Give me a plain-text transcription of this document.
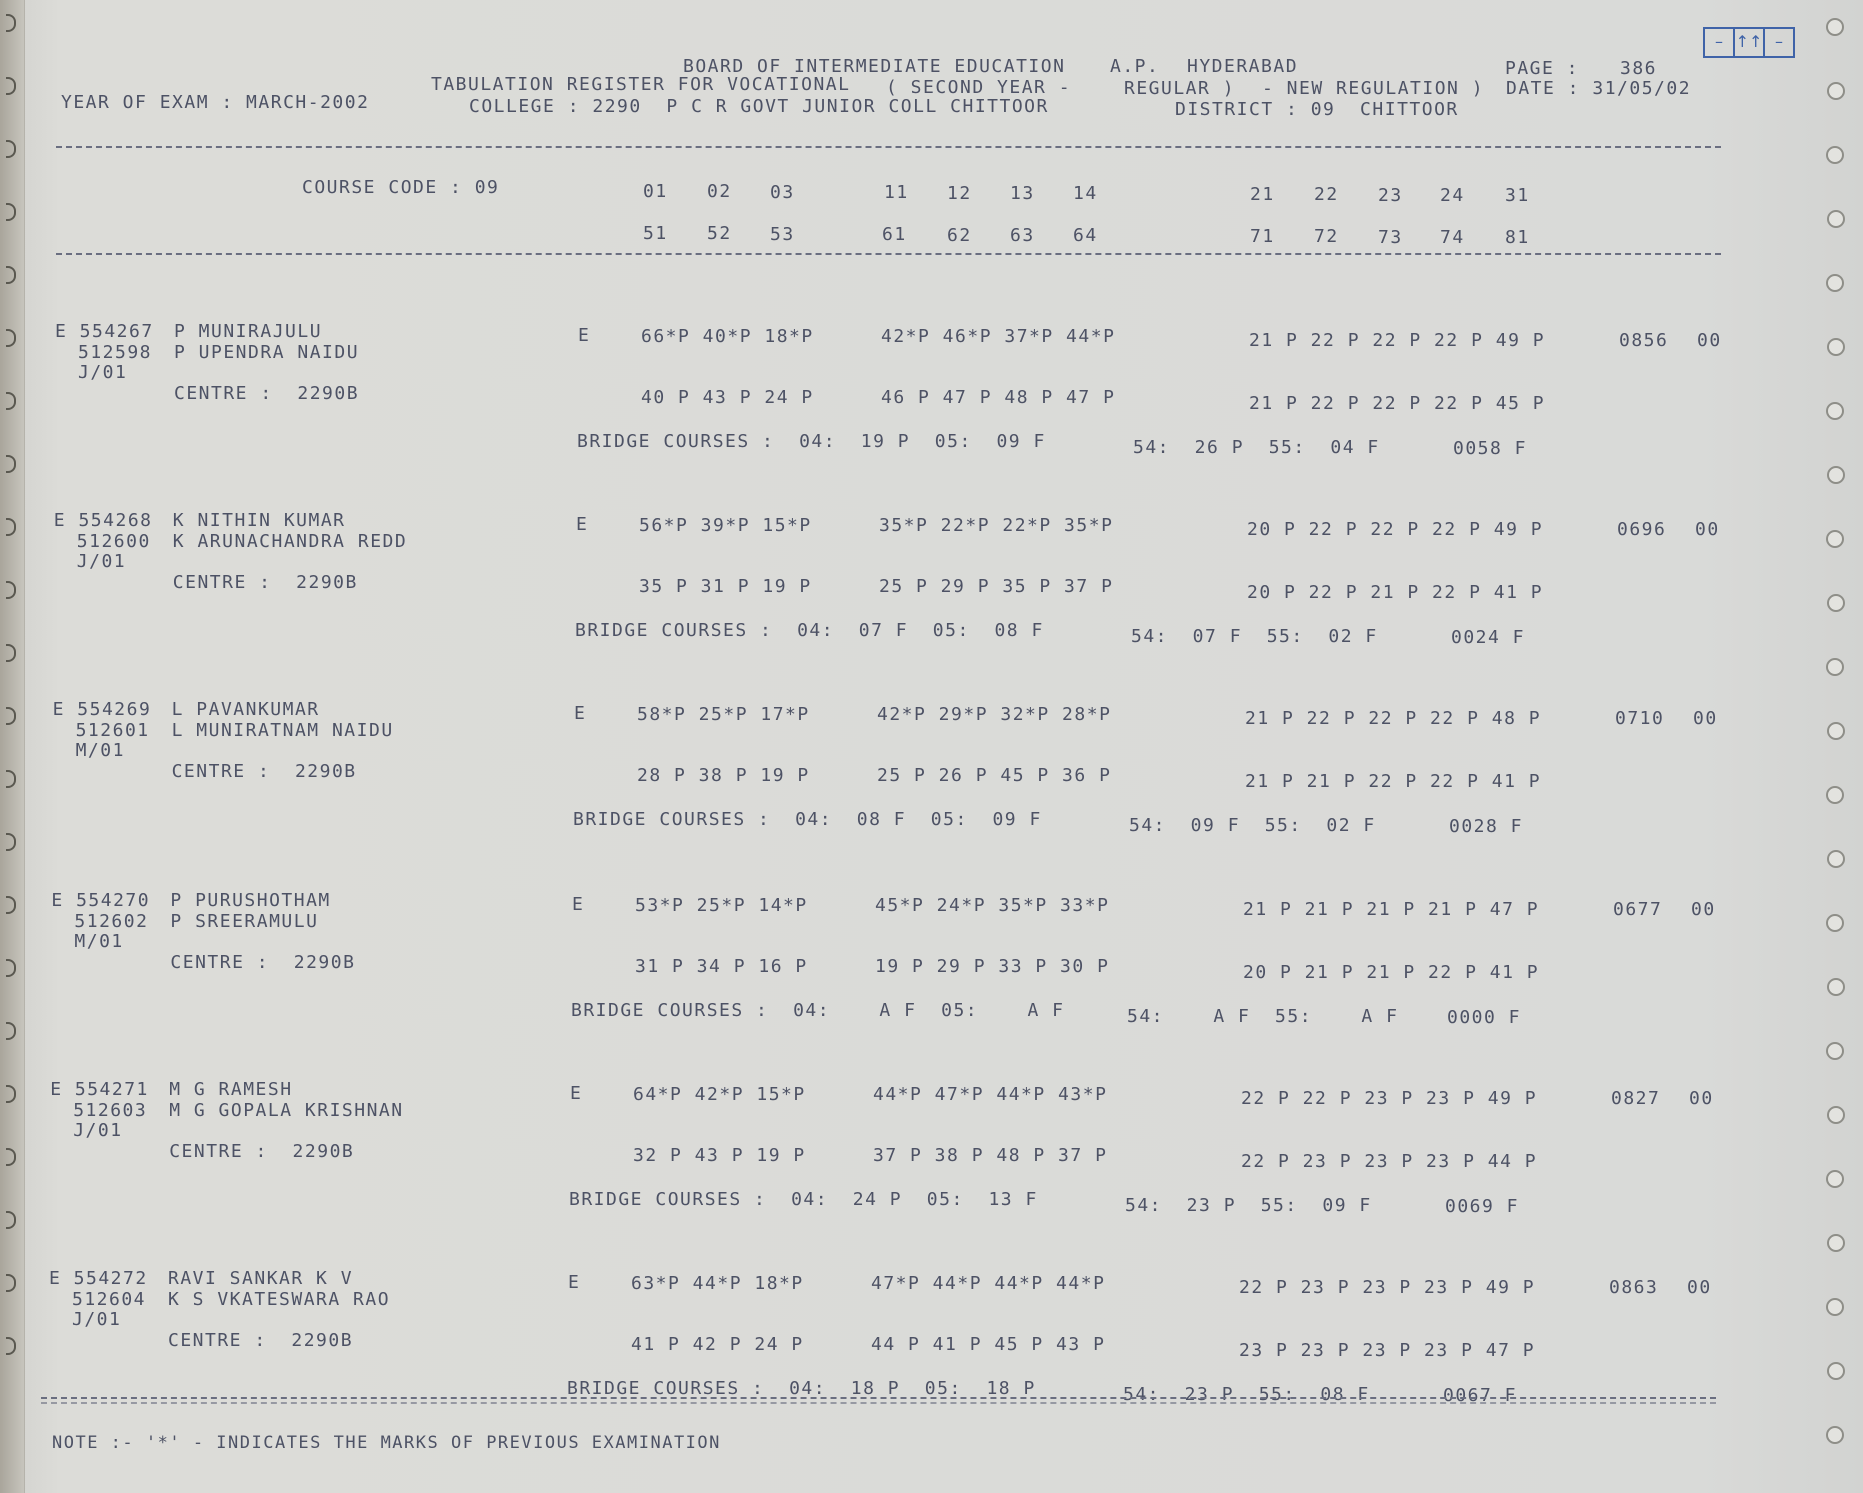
– ↑↑ –
BOARD OF INTERMEDIATE EDUCATION A.P. HYDERABAD	PAGE : 386
TABULATION REGISTER FOR VOCATIONAL ( SECOND YEAR -	REGULAR ) - NEW REGULATION ) DATE : 31/05/02
YEAR OF EXAM : MARCH-2002	COLLEGE : 2290  P C R GOVT JUNIOR COLL CHITTOOR	DISTRICT : 09  CHITTOOR
COURSE CODE : 09	01 02 03	11 12 13 14	21 22 23 24 31
51 52 53	61 62 63 64	71 72 73 74 81
E 554267 P MUNIRAJULU
512598 P UPENDRA NAIDU
J/01
CENTRE :  2290B
E	66*P 40*P 18*P	42*P 46*P 37*P 44*P	21 P 22 P 22 P 22 P 49 P	0856 00
40 P 43 P 24 P	46 P 47 P 48 P 47 P	21 P 22 P 22 P 22 P 45 P
BRIDGE COURSES :  04:  19 P  05:  09 F	54:  26 P  55:  04 F	0058 F
E 554268 K NITHIN KUMAR
512600 K ARUNACHANDRA REDD
J/01
CENTRE :  2290B
E	56*P 39*P 15*P	35*P 22*P 22*P 35*P	20 P 22 P 22 P 22 P 49 P	0696 00
35 P 31 P 19 P	25 P 29 P 35 P 37 P	20 P 22 P 21 P 22 P 41 P
BRIDGE COURSES :  04:  07 F  05:  08 F	54:  07 F  55:  02 F	0024 F
E 554269 L PAVANKUMAR
512601 L MUNIRATNAM NAIDU
M/01
CENTRE :  2290B
E	58*P 25*P 17*P	42*P 29*P 32*P 28*P	21 P 22 P 22 P 22 P 48 P	0710 00
28 P 38 P 19 P	25 P 26 P 45 P 36 P	21 P 21 P 22 P 22 P 41 P
BRIDGE COURSES :  04:  08 F  05:  09 F	54:  09 F  55:  02 F	0028 F
E 554270 P PURUSHOTHAM
512602 P SREERAMULU
M/01
CENTRE :  2290B
E	53*P 25*P 14*P	45*P 24*P 35*P 33*P	21 P 21 P 21 P 21 P 47 P	0677 00
31 P 34 P 16 P	19 P 29 P 33 P 30 P	20 P 21 P 21 P 22 P 41 P
BRIDGE COURSES :  04:    A F  05:    A F	54:    A F  55:    A F	0000 F
E 554271 M G RAMESH
512603 M G GOPALA KRISHNAN
J/01
CENTRE :  2290B
E	64*P 42*P 15*P	44*P 47*P 44*P 43*P	22 P 22 P 23 P 23 P 49 P	0827 00
32 P 43 P 19 P	37 P 38 P 48 P 37 P	22 P 23 P 23 P 23 P 44 P
BRIDGE COURSES :  04:  24 P  05:  13 F	54:  23 P  55:  09 F	0069 F
E 554272 RAVI SANKAR K V
512604 K S VKATESWARA RAO
J/01
CENTRE :  2290B
E	63*P 44*P 18*P	47*P 44*P 44*P 44*P	22 P 23 P 23 P 23 P 49 P	0863 00
41 P 42 P 24 P	44 P 41 P 45 P 43 P	23 P 23 P 23 P 23 P 47 P
BRIDGE COURSES :  04:  18 P  05:  18 P	54:  23 P  55:  08 F	0067 F
NOTE :- '*' - INDICATES THE MARKS OF PREVIOUS EXAMINATION
